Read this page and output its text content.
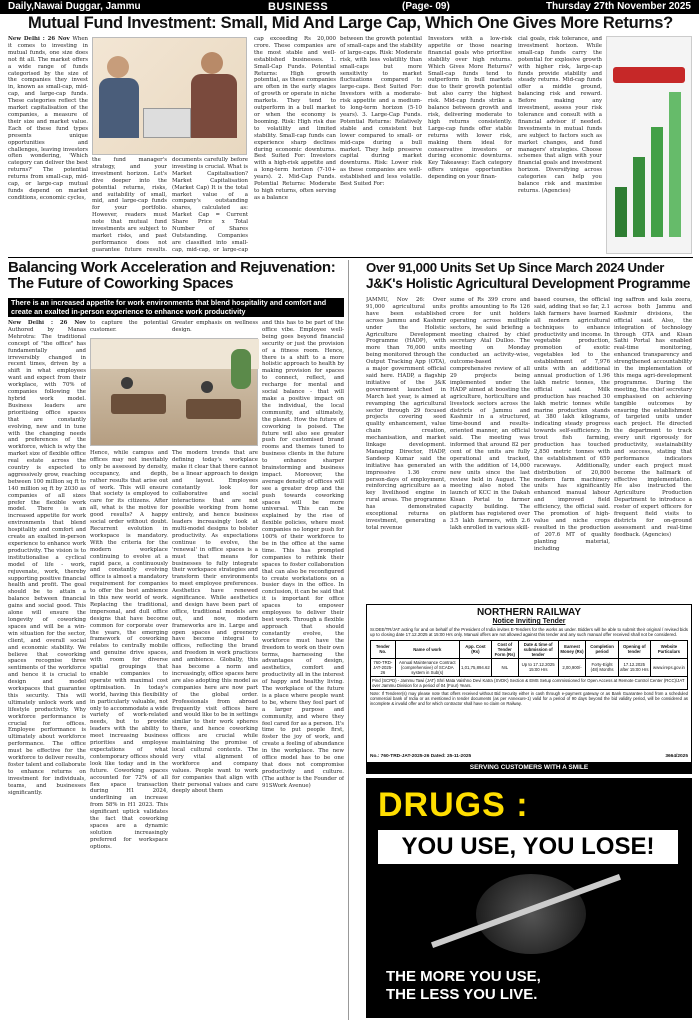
Daily,Nawai Duggar, Jammu	BUSINESS	(Page- 09)	Thursday 27th November 2025
Mutual Fund Investment: Small, Mid And Large Cap, Which One Gives More Returns?
New Delhi : 26 Nov When it comes to investing in mutual funds, one size does not fit all. The market offers a wide range of funds categorised by the size of the companies they invest in, known as small-cap, mid-cap, and large-cap funds. These categories reflect the market capitalisation of the companies, a measure of their size and market value. Each of these fund types presents unique opportunities and challenges, leaving investors often wondering, 'Which category can deliver the best returns?' The potential returns from small-cap, mid-cap, or large-cap mutual funds depend on market conditions, economic cycles,
the fund manager's strategy, and your investment horizon. Let's dive deeper into the potential returns, risks, and suitability of small, mid, and large-cap funds for your portfolio. However, readers must note that mutual fund investments are subject to market risks, and past performance does not guarantee future results.
documents carefully before investing is crucial. What is Market Capitalisation? Market Capitalisation (Market Cap) It is the total market value of a company's outstanding shares, calculated as: Market Cap = Current Share Price x Total Number of Shares Outstanding. Companies are classified into small-cap, mid-cap, or large-cap
cap exceeding Rs 20,000 crore. These companies are the most stable and well-established businesses. 1. Small-Cap Funds. Potential Returns: High growth potential, as these companies are often in the early stages of growth or operate in niche markets. They tend to outperform in a bull market or when the economy is booming. Risk: High risk due to volatility and limited stability. Small-cap funds can experience sharp declines during economic downturns. Best Suited For: Investors with a high-risk appetite and a long-term horizon (7-10+ years). 2. Mid-Cap Funds. Potential Returns: Moderate to high returns, often serving as a balance
between the growth potential of small-caps and the stability of large-caps. Risk: Moderate risk, with less volatility than small-caps but more sensitivity to market fluctuations compared to large-caps. Best Suited For: Investors with a moderate-risk appetite and a medium- to long-term horizon (5-10 years). 3. Large-Cap Funds. Potential Returns: Relatively stable and consistent but lower compared to small- or mid-caps during a bull market. They help preserve capital during market downturns. Risk: Lower risk as these companies are well-established and less volatile. Best Suited For:
Investors with a low-risk appetite or those nearing financial goals who prioritise stability over high returns. Which Gives More Returns? Small-cap funds tend to outperform in bull markets due to their growth potential but also carry the highest risk. Mid-cap funds strike a balance between growth and risk, delivering moderate to high returns consistently. Large-cap funds offer stable returns with lower risk, making them ideal for conservative investors or during economic downturns. Key Takeaway: Each category offers unique opportunities depending on your finan-
cial goals, risk tolerance, and investment horizon. While small-cap funds carry the potential for explosive growth with higher risk, large-cap funds provide stability and steady returns. Mid-cap funds offer a middle ground, balancing risk and reward. Before making any investment, assess your risk tolerance and consult with a financial advisor if needed. Investments in mutual funds are subject to factors such as market changes, and fund managers' strategies. Choose schemes that align with your financial goals and investment horizon. Diversifying across categories can help you balance risk and maximise returns. (Agencies)
Balancing Work Acceleration and Rejuvenation: The Future of Coworking Spaces
There is an increased appetite for work environments that blend hospitality and comfort and create an exalted in-person experience to enhance work productivity
New Delhi : 26 Nov Authored by Manas Mehrotra: The traditional concept of "the office" has fundamentally and irreversibly changed in recent times, driven by a shift in what employees want and expect from their workplace, with 70% of companies following the hybrid work model. Business leaders are prioritising office spaces that are constantly evolving, new and in tune with the changing needs and preferences of the workforce, which is why the market size of flexible office real estate across the country is expected to aggressively grow, reaching between 100 million sq ft to 140 million sq ft by 2030 as companies of all sizes prefer the flexible work model. There is an increased appetite for work environments that blend hospitality and comfort and create an exalted in-person experience to enhance work productivity. The vision is to institutionalise a cyclical model of life - work, rejuvenate, work, thereby supporting positive financial health and profit. The goal should be to attain a balance between financial gains and social good. This alone will ensure the longevity of coworking spaces and will be a win-win situation for the sector, client, and overall social and economic stability. We believe that coworking spaces recognise three sentiments of the workforce and hence it is crucial to design and model workspaces that guarantee this security. This will ultimately unlock work and lifestyle productivity. Why workforce performance is crucial for offices. Employee performance is ultimately about workforce performance. The office must be effective for the workforce to deliver results, foster talent and collaborate to enhance returns on investment for individuals, teams, and businesses significantly.
to capture the potential customer.
Greater emphasis on wellness design.
Hence, while campus and offices may not inevitably only be assessed by density, occupancy, and depth, rather results that arise out of work. This will ensure that society is employed to care for its citizens. After all, what is the motive for good results? A happy social order without doubt. Recurrent evolution in workspace is mandatory. With the criteria for the modern workplace continuing to evolve at a rapid pace, a continuously and constantly evolving office is almost a mandatory requirement for companies to offer the best ambience in this new world of work. Replacing the traditional, impersonal, and dull office designs that have become common for corporate over the years, the emerging framework of coworking relates to centrally mobile and genuine drive spaces, with room for diverse spatial groupings that enable companies to operate with maximal cost optimisation. In today's world, having this flexibility in particularly valuable, not only to accommodate a wide variety of work-related needs, but to provide leaders with the ability to meet increasing business priorities and employee expectations of what contemporary offices should look like today and in the future. Coworking spaces accounted for 72% of all flex space transaction during H1 2024, underlining an increase from 58% in H1 2023. This significant uptick validates the fact that coworking spaces are a dynamic solution increasingly preferred for workspace options.
The modern trends that are defining today's workplace make it clear that there cannot be a linear approach to design and layout. Employees constantly look for collaborative and social interactions that are not possible working from home entirely, and hence business leaders increasingly look at multi-model designs to bolster productivity. As expectations continue to evolve, the 'renewal' in office spaces is a must that means for businesses to fully integrate their workspace strategies and transform their environments to meet employee preferences. Aesthetics have renewed significance. While aesthetics and design have been part of office, traditional models are out, and now, modern frameworks are in. Large and open spaces and greenery have become integral to offices, reflecting the brand and freedom in work practices and ambience. Globally, this has become a norm and increasingly, office spaces here are also adopting this model as companies here are now part of the global order. Professionals from abroad frequently visit offices here and would like to be in settings similar to their work spheres there, and hence coworking offices are crucial while maintaining the promise of local cultural contexts. The very vital alignment of workforce and company values. People want to work for companies that align with their personal values and care deeply about them
and this has to be part of the office vibe. Employee well-being goes beyond financial security or just the provision of a fitness room. Hence, there is a shift to a more holistic approach to health by making provision for spaces to connect, reflect, and recharge for mental and social balance - that will make a positive impact on the individual, the local community, and ultimately, the planet. How the future of coworking is poised. The future will also see greater push for customised brand rooms and themes tuned to business clients in the future to enhance sharper brainstorming and business impact. Moreover, the average density of offices will see a greater drop and the push towards coworking spaces will be more universal. This can be explained by the rise of flexible policies, where most companies no longer push for 100% of their workforce to be in the office at the same time. This has prompted companies to rethink their spaces to foster collaboration that can also be reconfigured to create workstations on a busier days in the office. In conclusion, it can be said that it is important for office spaces to empower employees to deliver their best work. Through a flexible approach that should constantly evolve, the workforce must have the freedom to work on their own terms, harnessing the advantages of design, aesthetics, comfort and productivity all in the interest of happy and healthy living. The workplace of the future is a place where people want to be, where they feel part of a larger purpose and community, and where they feel cared for as a person. It's time to put people first, foster the joy of work, and create a feeling of abundance in the workplace. The new office model has to be one that does not compromise productivity and culture. (The author is the Founder of 91SWork Avenue)
Over 91,000 Units Set Up Since March 2024 Under
J&K's Holistic Agricultural Development Programme
JAMMU, Nov 26: Over 91,000 agricultural units have been established across Jammu and Kashmir under the Holistic Agriculture Development Programme (HADP), with more than 76,000 units being monitored through the Output Tracking App (OTA), a major government official said here. HADP, a flagship initiative of the J&K government launched in March last year, is aimed at revamping the agricultural sector through 29 focused projects covering seed quality enhancement, value chain creation, mechanisation, and market linkage development. Managing Director, HADP, Sandeep Kumar said the initiative has generated an impressive 1.36 crore person-days of employment, reinforcing agriculture as a key livelihood engine in rural areas. The programme has demonstrated exceptional returns on investment, generating a total revenue
sume of Rs 399 crore and profits amounting to Rs 126 crore for unit holders operating across multiple sectors, he said briefing a meeting chaired by chief secretary Atal Dulloo. The meeting on Monday conducted an activity-wise, outcome-based comprehensive review of all 29 projects being implemented under the HADP aimed at boosting the agriculture, horticulture and livestock sectors across the districts of Jammu and Kashmir in a structured, time-bound and results-oriented manner, an official said. The meeting was informed that around 82 per cent of the units are fully operational and tracked, with the addition of 14,000 new units since the last review held in August. The meeting also noted the launch of KCC in the Dakah Kisan Portal to farmer capacity building. The platform has registered over 3.5 lakh farmers, with 2.6 lakh enrolled in various skill-
based courses, the official said, adding that so far, 2.1 lakh farmers have learned all modern agricultural techniques to enhance productivity and income. In vegetable production, promotion of exotic vegetables led to the establishment of 7,976 units with an additional annual production of 1.96 lakh metric tonnes, the official said. Milk production has reached 30 lakh metric tonnes while marine production stands at 380 lakh kilograms, indicating steady progress towards self-sufficiency. In trout fish farming, production has touched 2,850 metric tonnes with the establishment of 659 raceways. Additionally, distribution of 20,800 modern farm machinery units has significantly enhanced manual labour and improved field efficiency, the official said. The promotion of high-value and niche crops resulted in the production of 207.6 MT of quality planting material, including
ing saffron and kala zeera, across both Jammu and Kashmir divisions, the official said. Also, the integration of technology through OTA and Kisan Sathi Portal has enabled real-time monitoring, enhanced transparency and strengthened accountability in the implementation of this mega agri-development programme. During the meeting, the chief secretary emphasised on achieving tangible outcomes by ensuring the establishment of targeted units under each project. He directed the department to track every unit rigorously for productivity, sustainability and success, stating that performance indicators under each project must become the hallmark of effective implementation. He also instructed the Agriculture Production Department to introduce a roster of expert officers for frequent field visits to districts for on-ground assessment and real-time feedback. (Agencies)
NORTHERN RAILWAY
Notice Inviting Tender
Sr.DEE/TR/JAT acting for and on behalf of the President of India invites E-Tenders for the works as under. Bidders will be able to submit their original / revised bids up to closing date 17.12.2025 at 15:00 Hrs only. Manual offers are not allowed against this tender and any such manual offer received shall not be considered.
Tender No.	Name of work	App. Cost (Rs)	Cost of Tender Form (Rs)	Date & time of submission of tender	Earnest Money (Rs)	Completion period	Opening of tender	Website Particulars
760-TRD-JAT-2025-26	Annual Maintenance Contract (comprehensive) of SCADA system in Sub(s)	1,01,75,894.62	NIL	Up to 17.12.2025 15:00 Hrs	2,00,900/-	Forty-Eight (48) Months	17.12.2025 after 15:00 Hrs	www.ireps.gov.in
Pind (SCPD) - Jammu Tawi (JAT) Shri Mata Vaishno Devi Katra (SVDK) Section & EMS Setup commissioned for Open Access at Remote Control Center (RCC)/JAT over Jammu Division for a period of 04 (Four) Years.								
Note: If Tenderer(s) may please note that offers received without Bid Security either in cash through e-payment gateway or as Bank Guarantee bond from a scheduled commercial bank of India or as mentioned in tender documents (as per Annexure-1) valid for a period of 90 days beyond the bid validity period, will be considered as incomplete & invalid offer and for which contractor shall have no claim on Railway.
No.: 760-TRD-JAT-2025-26 Dated: 25-11-2025	3664/2025
SERVING CUSTOMERS WITH A SMILE
DRUGS :
YOU USE, YOU LOSE!
THE MORE YOU USE,
THE LESS YOU LIVE.
